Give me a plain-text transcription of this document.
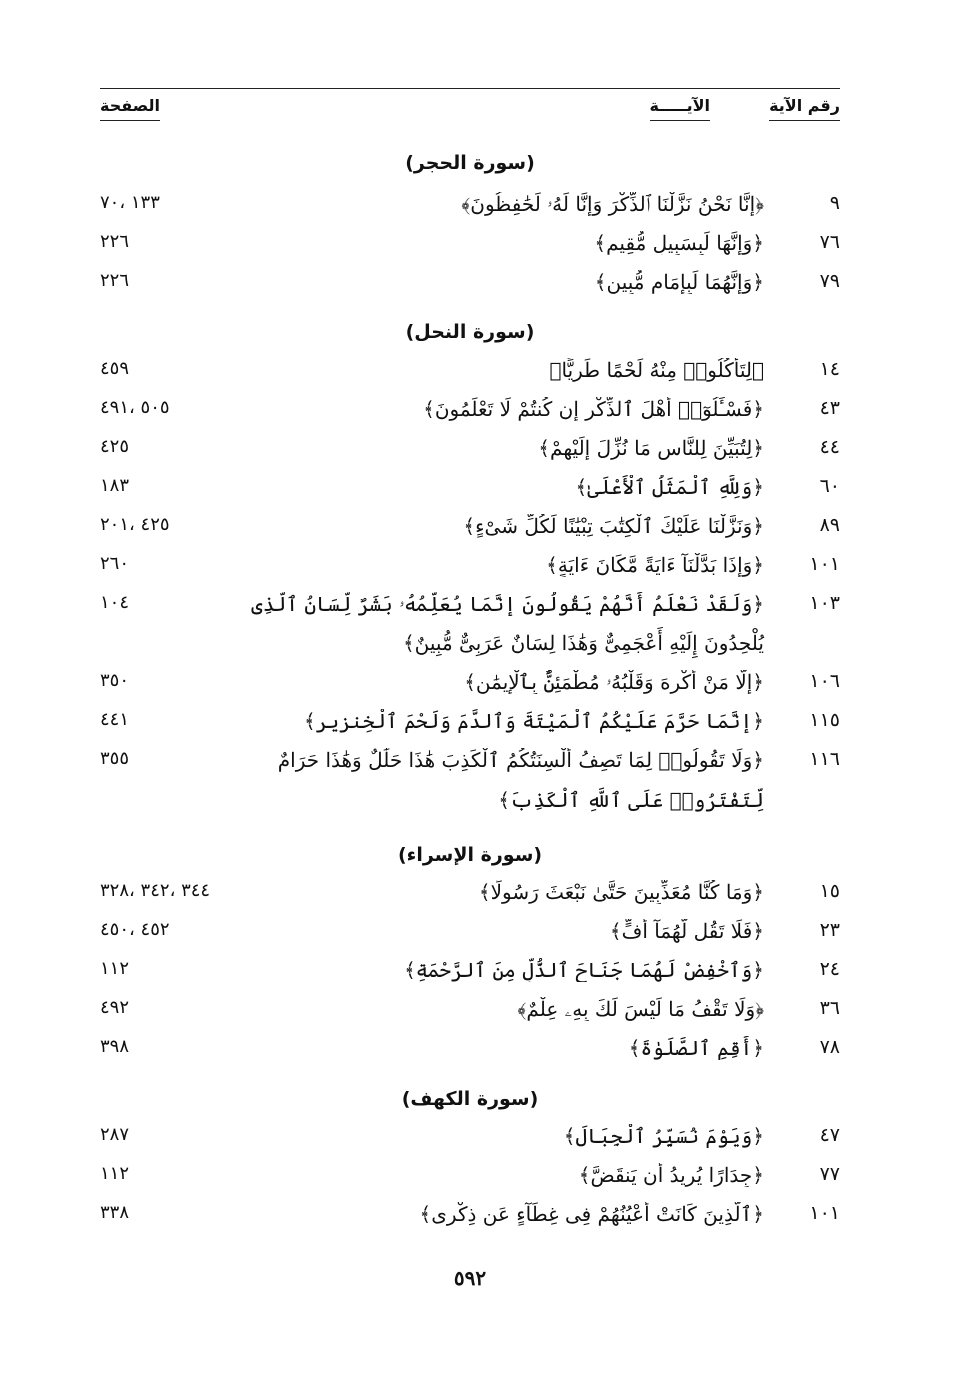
رقم الآية
الآيـــــة
الصفحة
(سورة الحجر)
٩
﴿إِنَّا نَحْنُ نَزَّلْنَا ٱلذِّكْرَ وَإِنَّا لَهُۥ لَحَٰفِظُونَ﴾
١٣٣ ،٧٠
٧٦
﴿وَإِنَّهَا لَبِسَبِيلٍ مُّقِيمٍ﴾
٢٢٦
٧٩
﴿وَإِنَّهُمَا لَبِإِمَامٍ مُّبِينٍ﴾
٢٢٦
(سورة النحل)
١٤
﴿لِتَأْكُلُوا۟ مِنْهُ لَحْمًا طَرِيًّا﴾
٤٥٩
٤٣
﴿فَسْـَٔلُوٓا۟ أَهْلَ ٱلذِّكْرِ إِن كُنتُمْ لَا تَعْلَمُونَ﴾
٥٠٥ ،٤٩١
٤٤
﴿لِتُبَيِّنَ لِلنَّاسِ مَا نُزِّلَ إِلَيْهِمْ﴾
٤٢٥
٦٠
﴿وَلِلَّهِ ٱلْمَثَلُ ٱلْأَعْلَىٰ﴾
١٨٣
٨٩
﴿وَنَزَّلْنَا عَلَيْكَ ٱلْكِتَٰبَ تِبْيَٰنًا لِّكُلِّ شَىْءٍ﴾
٤٢٥ ،٢٠١
١٠١
﴿وَإِذَا بَدَّلْنَآ ءَايَةً مَّكَانَ ءَايَةٍ﴾
٢٦٠
١٠٣
﴿وَلَقَدْ نَعْلَمُ أَنَّهُمْ يَقُولُونَ إِنَّمَا يُعَلِّمُهُۥ بَشَرٌ لِّسَانُ ٱلَّذِى
١٠٤
يُلْحِدُونَ إِلَيْهِ أَعْجَمِىٌّ وَهَٰذَا لِسَانٌ عَرَبِىٌّ مُّبِينٌ﴾
١٠٦
﴿إِلَّا مَنْ أُكْرِهَ وَقَلْبُهُۥ مُطْمَئِنٌّۢ بِٱلْإِيمَٰنِ﴾
٣٥٠
١١٥
﴿إِنَّمَا حَرَّمَ عَلَيْكُمُ ٱلْمَيْتَةَ وَٱلدَّمَ وَلَحْمَ ٱلْخِنزِيرِ﴾
٤٤١
١١٦
﴿وَلَا تَقُولُوا۟ لِمَا تَصِفُ أَلْسِنَتُكُمُ ٱلْكَذِبَ هَٰذَا حَلَٰلٌ وَهَٰذَا حَرَامٌ
٣٥٥
لِّتَفْتَرُوا۟ عَلَى ٱللَّهِ ٱلْكَذِبَ﴾
(سورة الإسراء)
١٥
﴿وَمَا كُنَّا مُعَذِّبِينَ حَتَّىٰ نَبْعَثَ رَسُولًا﴾
٣٤٤ ،٣٤٢ ،٣٢٨
٢٣
﴿فَلَا تَقُل لَّهُمَآ أُفٍّ﴾
٤٥٢ ،٤٥٠
٢٤
﴿وَٱخْفِضْ لَهُمَا جَنَاحَ ٱلذُّلِّ مِنَ ٱلرَّحْمَةِ﴾
١١٢
٣٦
﴿وَلَا تَقْفُ مَا لَيْسَ لَكَ بِهِۦ عِلْمٌ﴾
٤٩٢
٧٨
﴿أَقِمِ ٱلصَّلَوٰةَ﴾
٣٩٨
(سورة الكهف)
٤٧
﴿وَيَوْمَ نُسَيِّرُ ٱلْجِبَالَ﴾
٢٨٧
٧٧
﴿جِدَارًا يُرِيدُ أَن يَنقَضَّ﴾
١١٢
١٠١
﴿ٱلَّذِينَ كَانَتْ أَعْيُنُهُمْ فِى غِطَآءٍ عَن ذِكْرِى﴾
٣٣٨
٥٩٢
